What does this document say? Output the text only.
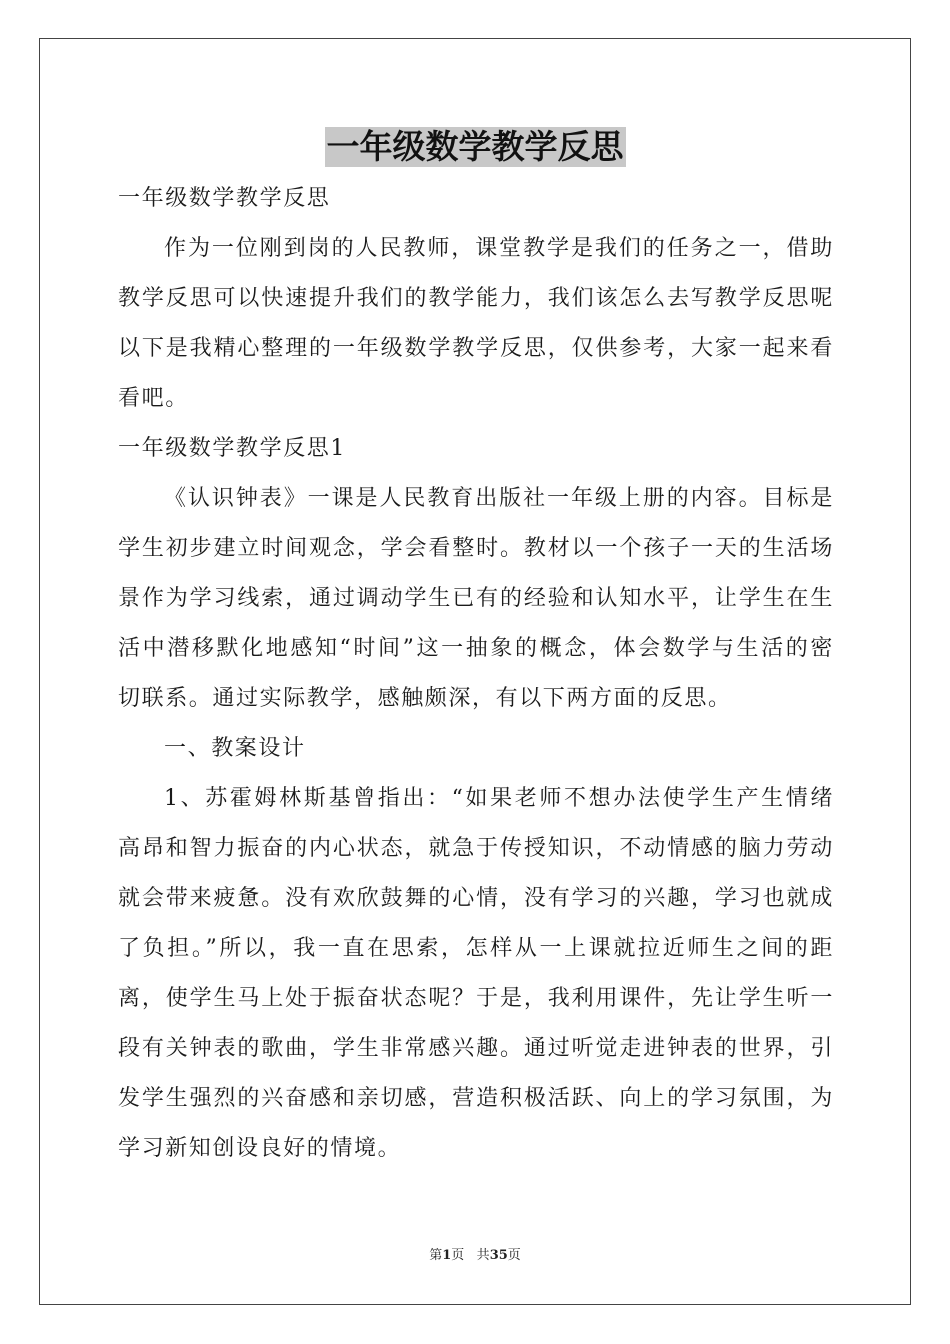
一年级数学教学反思
一年级数学教学反思
作为一位刚到岗的人民教师，课堂教学是我们的任务之一，借助
教学反思可以快速提升我们的教学能力，我们该怎么去写教学反思呢
以下是我精心整理的一年级数学教学反思，仅供参考，大家一起来看
看吧。
一年级数学教学反思1
《认识钟表》一课是人民教育出版社一年级上册的内容。目标是
学生初步建立时间观念，学会看整时。教材以一个孩子一天的生活场
景作为学习线索，通过调动学生已有的经验和认知水平，让学生在生
活中潜移默化地感知“时间”这一抽象的概念，体会数学与生活的密
切联系。通过实际教学，感触颇深，有以下两方面的反思。
一、教案设计
1、苏霍姆林斯基曾指出：“如果老师不想办法使学生产生情绪
高昂和智力振奋的内心状态，就急于传授知识，不动情感的脑力劳动
就会带来疲惫。没有欢欣鼓舞的心情，没有学习的兴趣，学习也就成
了负担。”所以，我一直在思索，怎样从一上课就拉近师生之间的距
离，使学生马上处于振奋状态呢？于是，我利用课件，先让学生听一
段有关钟表的歌曲，学生非常感兴趣。通过听觉走进钟表的世界，引
发学生强烈的兴奋感和亲切感，营造积极活跃、向上的学习氛围，为
学习新知创设良好的情境。
第1页 共35页
